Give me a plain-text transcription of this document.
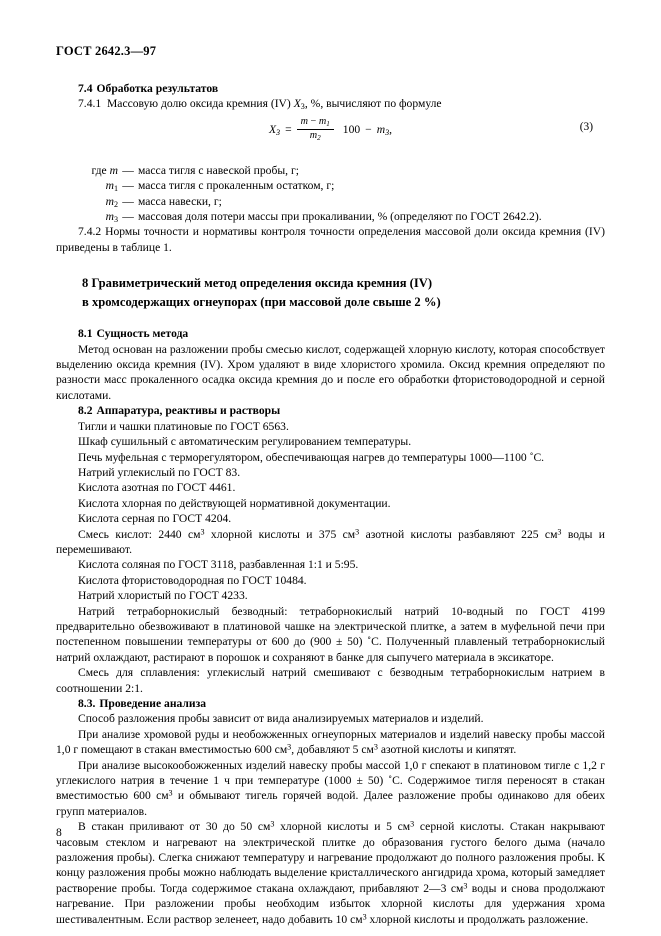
ГОСТ 2642.3—97
7.4 Обработка результатов

7.4.1 Массовую долю оксида кремния (IV) $X_3$, %, вычисляют по формуле

$X_3 = \frac{m - m_1}{m_2} 100 - m_3$,	(3)
где m — масса тигля с навеской пробы, г;
$m_1$ — масса тигля с прокаленным остатком, г;
$m_2$ — масса навески, г;
$m_3$ — массовая доля потери массы при прокаливании, % (определяют по ГОСТ 2642.2).

7.4.2 Нормы точности и нормативы контроля точности определения массовой доли оксида кремния (IV) приведены в таблице 1.

8 Гравиметрический метод определения оксида кремния (IV)
в хромсодержащих огнеупорах (при массовой доле свыше 2 %)
8.1 Сущность метода

Метод основан на разложении пробы смесью кислот, содержащей хлорную кислоту, которая способствует выделению оксида кремния (IV). Хром удаляют в виде хлористого хромила. Оксид кремния определяют по разности масс прокаленного осадка оксида кремния до и после его обработки фтористоводородной и серной кислотами.

8.2 Аппаратура, реактивы и растворы

Тигли и чашки платиновые по ГОСТ 6563.

Шкаф сушильный с автоматическим регулированием температуры.

Печь муфельная с терморегулятором, обеспечивающая нагрев до температуры 1000—1100 ˚С.

Натрий углекислый по ГОСТ 83.

Кислота азотная по ГОСТ 4461.

Кислота хлорная по действующей нормативной документации.

Кислота серная по ГОСТ 4204.

Смесь кислот: 2440 $см^3$ хлорной кислоты и 375 $см^3$ азотной кислоты разбавляют 225 $см^3$ воды и перемешивают.

Кислота соляная по ГОСТ 3118, разбавленная 1:1 и 5:95.

Кислота фтористоводородная по ГОСТ 10484.

Натрий хлористый по ГОСТ 4233.

Натрий тетраборнокислый безводный: тетраборнокислый натрий 10-водный по ГОСТ 4199 предварительно обезвоживают в платиновой чашке на электрической плитке, а затем в муфельной печи при постепенном повышении температуры от 600 до (900 ± 50) ˚С. Полученный плавленый тетраборнокислый натрий охлаждают, растирают в порошок и сохраняют в банке для сыпучего материала в эксикаторе.

Смесь для сплавления: углекислый натрий смешивают с безводным тетраборнокислым натрием в соотношении 2:1.

8.3. Проведение анализа

Способ разложения пробы зависит от вида анализируемых материалов и изделий.

При анализе хромовой руды и необожженных огнеупорных материалов и изделий навеску пробы массой 1,0 г помещают в стакан вместимостью 600 $см^3$, добавляют 5 $см^3$ азотной кислоты и кипятят.

При анализе высокообожженных изделий навеску пробы массой 1,0 г спекают в платиновом тигле с 1,2 г углекислого натрия в течение 1 ч при температуре (1000 ± 50) ˚С. Содержимое тигля переносят в стакан вместимостью 600 $см^3$ и обмывают тигель горячей водой. Далее разложение пробы одинаково для обеих групп материалов.

В стакан приливают от 30 до 50 $см^3$ хлорной кислоты и 5 $см^3$ серной кислоты. Стакан накрывают часовым стеклом и нагревают на электрической плитке до образования густого белого дыма (начало разложения пробы). Слегка снижают температуру и нагревание продолжают до полного разложения пробы. К концу разложения пробы можно наблюдать выделение кристаллического ангидрида хрома, который замедляет растворение пробы. Тогда содержимое стакана охлаждают, прибавляют 2—3 $см^3$ воды и снова продолжают нагревание. При разложении пробы необходим избыток хлорной кислоты для удержания хрома шестивалентным. Если раствор зеленеет, надо добавить 10 $см^3$ хлорной кислоты и продолжать разложение.

8
